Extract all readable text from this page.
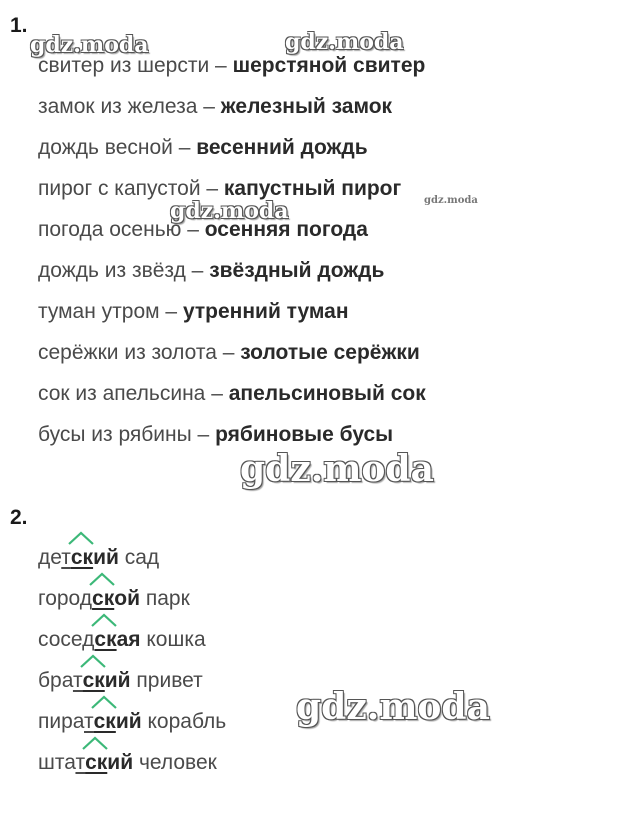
1.
свитер из шерсти – шерстяной свитер
замок из железа – железный замок
дождь весной – весенний дождь
пирог с капустой – капустный пирог
погода осенью – осенняя погода
дождь из звёзд – звёздный дождь
туман утром – утренний туман
серёжки из золота – золотые серёжки
сок из апельсина – апельсиновый сок
бусы из рябины – рябиновые бусы
2.
детск
ий сад
городск
ой парк
соседск
ая кошка
братск
ий привет
пиратск
ий корабль
штатск
ий человек
gdz.moda	gdz.moda
gdz.moda	gdz.moda
gdz.moda
gdz.moda
